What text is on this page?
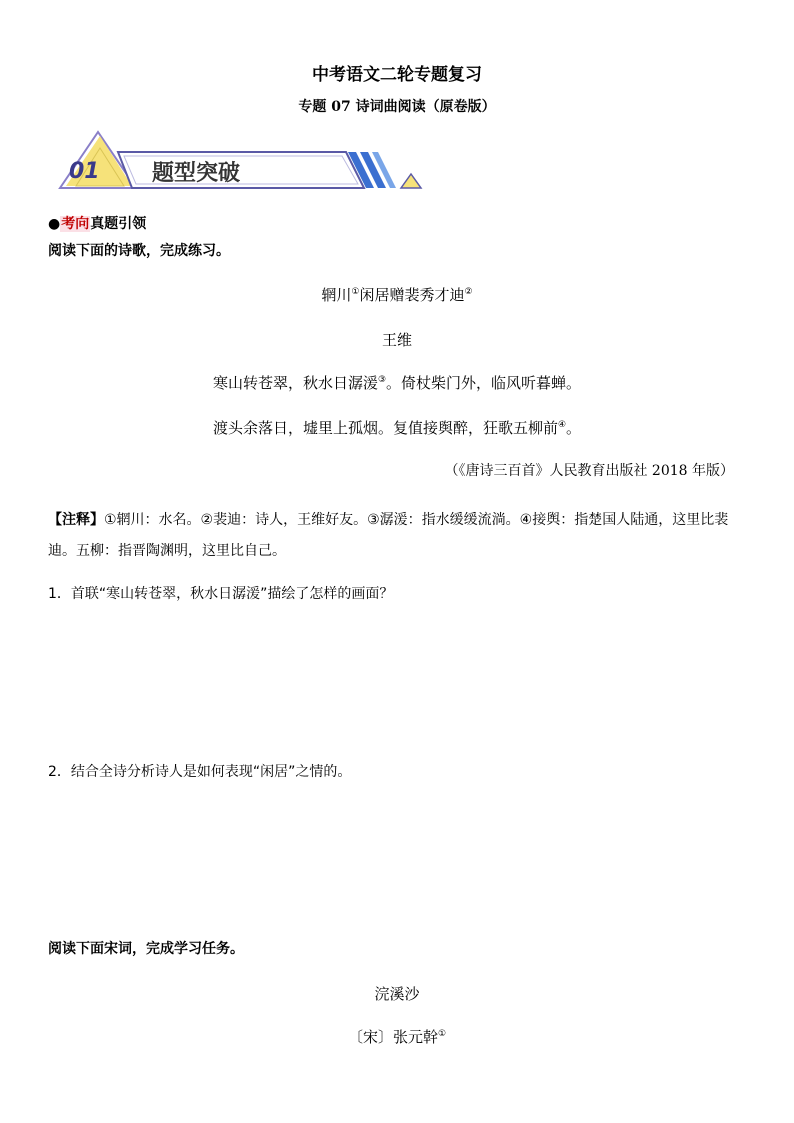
中考语文二轮专题复习
专题 07 诗词曲阅读（原卷版）
01 题型突破
●考向真题引领
阅读下面的诗歌，完成练习。
辋川①闲居赠裴秀才迪②
王维
寒山转苍翠，秋水日潺湲③。倚杖柴门外，临风听暮蝉。
渡头余落日，墟里上孤烟。复值接舆醉，狂歌五柳前④。
（《唐诗三百首》人民教育出版社 2018 年版）
【注释】①辋川：水名。②裴迪：诗人，王维好友。③潺湲：指水缓缓流淌。④接舆：指楚国人陆通，这里比裴迪。五柳：指晋陶渊明，这里比自己。
1．首联“寒山转苍翠，秋水日潺湲”描绘了怎样的画面？
2．结合全诗分析诗人是如何表现“闲居”之情的。
阅读下面宋词，完成学习任务。
浣溪沙
〔宋〕张元幹①
